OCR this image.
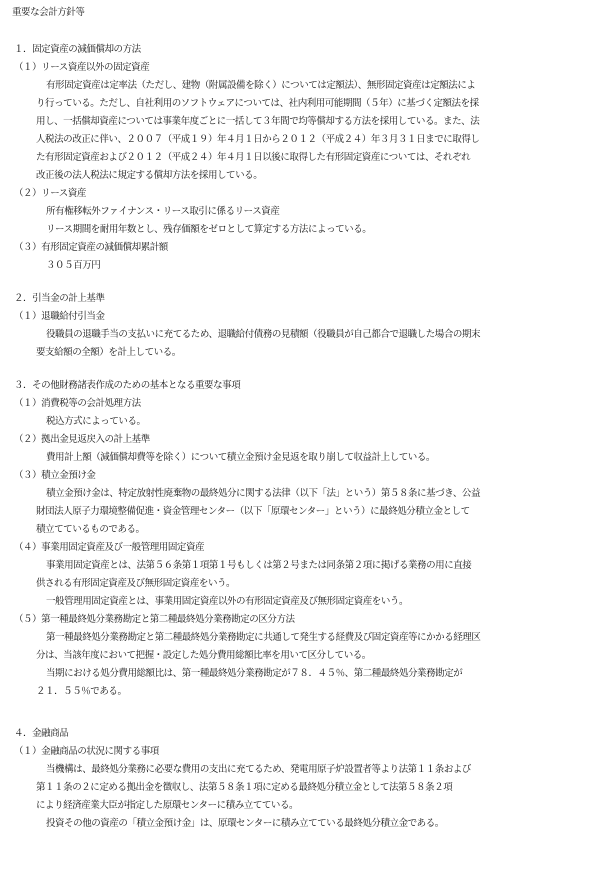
重要な会計方針等
１．固定資産の減価償却の方法
（１）リース資産以外の固定資産
有形固定資産は定率法（ただし、建物（附属設備を除く）については定額法）、無形固定資産は定額法によ
り行っている。ただし、自社利用のソフトウェアについては、社内利用可能期間（５年）に基づく定額法を採
用し、一括償却資産については事業年度ごとに一括して３年間で均等償却する方法を採用している。また、法
人税法の改正に伴い、２００７（平成１９）年４月１日から２０１２（平成２４）年３月３１日までに取得し
た有形固定資産および２０１２（平成２４）年４月１日以後に取得した有形固定資産については、それぞれ
改正後の法人税法に規定する償却方法を採用している。
（２）リース資産
所有権移転外ファイナンス・リース取引に係るリース資産
リース期間を耐用年数とし、残存価額をゼロとして算定する方法によっている。
（３）有形固定資産の減価償却累計額
３０５百万円
２．引当金の計上基準
（１）退職給付引当金
役職員の退職手当の支払いに充てるため、退職給付債務の見積額（役職員が自己都合で退職した場合の期末
要支給額の全額）を計上している。
３．その他財務諸表作成のための基本となる重要な事項
（１）消費税等の会計処理方法
税込方式によっている。
（２）拠出金見返戻入の計上基準
費用計上額（減価償却費等を除く）について積立金預け金見返を取り崩して収益計上している。
（３）積立金預け金
積立金預け金は、特定放射性廃棄物の最終処分に関する法律（以下「法」という）第５８条に基づき、公益
財団法人原子力環境整備促進・資金管理センター（以下「原環センター」という）に最終処分積立金として
積立てているものである。
（４）事業用固定資産及び一般管理用固定資産
事業用固定資産とは、法第５６条第１項第１号もしくは第２号または同条第２項に掲げる業務の用に直接
供される有形固定資産及び無形固定資産をいう。
一般管理用固定資産とは、事業用固定資産以外の有形固定資産及び無形固定資産をいう。
（５）第一種最終処分業務勘定と第二種最終処分業務勘定の区分方法
第一種最終処分業務勘定と第二種最終処分業務勘定に共通して発生する経費及び固定資産等にかかる経理区
分は、当該年度において把握・設定した処分費用総額比率を用いて区分している。
当期における処分費用総額比は、第一種最終処分業務勘定が７８．４５％、第二種最終処分業務勘定が
２１．５５％である。
４．金融商品
（１）金融商品の状況に関する事項
当機構は、最終処分業務に必要な費用の支出に充てるため、発電用原子炉設置者等より法第１１条および
第１１条の２に定める拠出金を徴収し、法第５８条１項に定める最終処分積立金として法第５８条２項
により経済産業大臣が指定した原環センターに積み立てている。
投資その他の資産の「積立金預け金」は、原環センターに積み立てている最終処分積立金である。
